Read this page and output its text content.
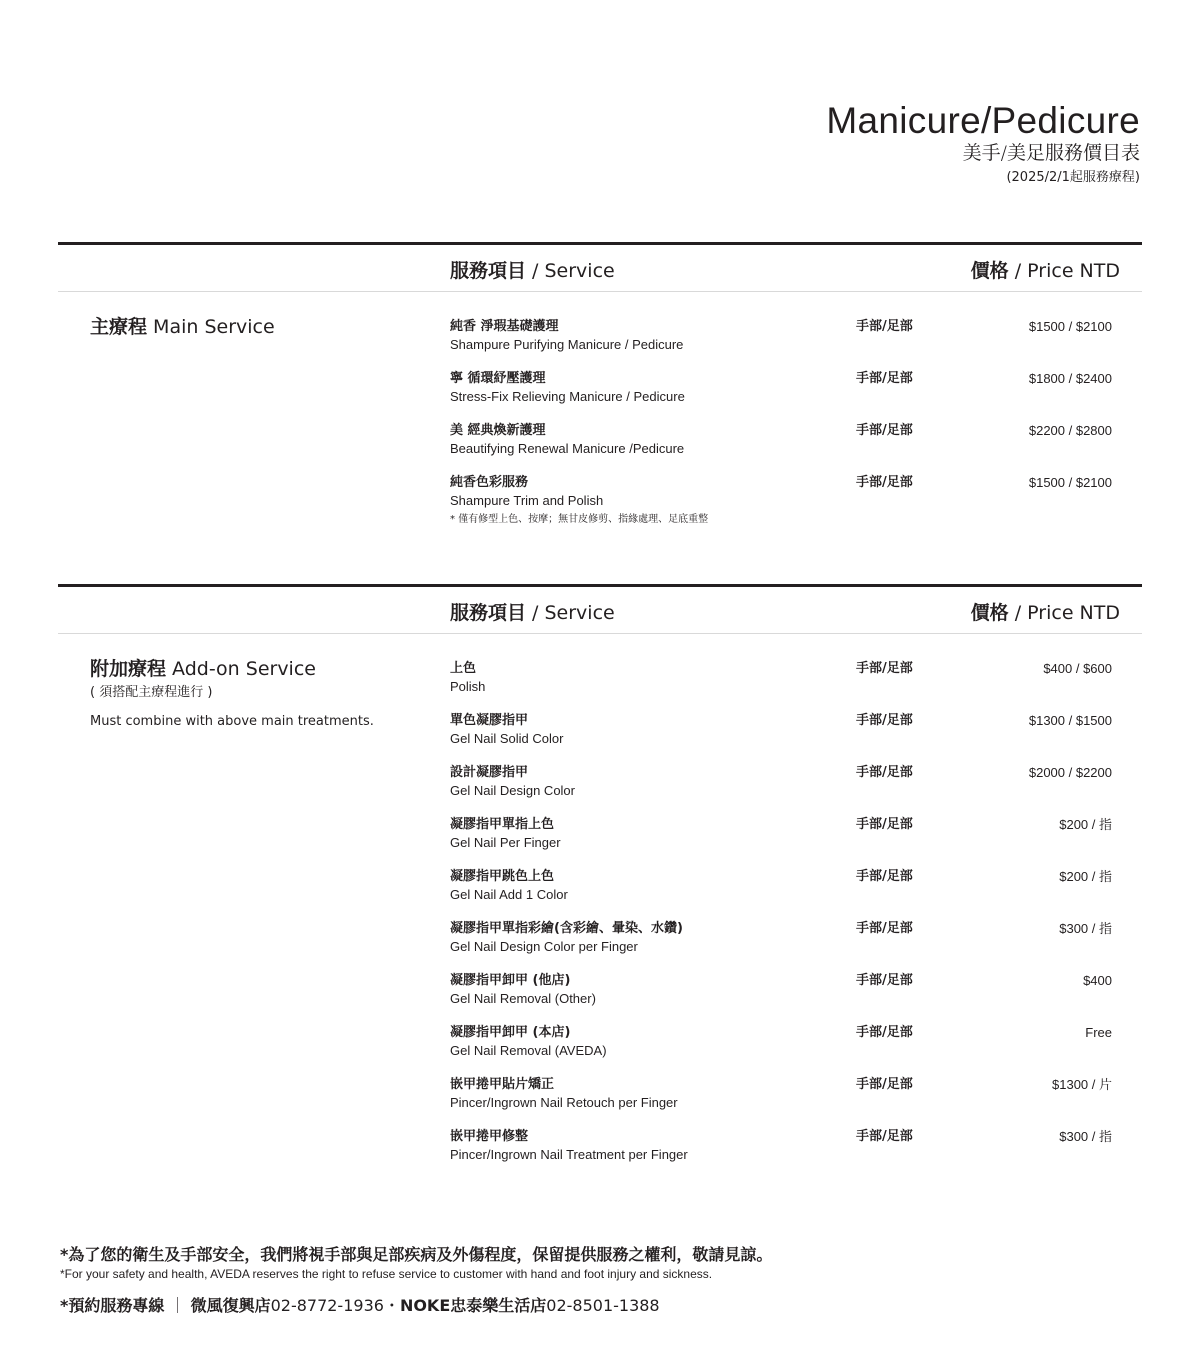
Manicure/Pedicure
美手/美足服務價目表
(2025/2/1起服務療程)
服務項目 / Service	價格 / Price NTD
主療程 Main Service	純香 淨瑕基礎護理
Shampure Purifying Manicure / Pedicure
手部/足部	$1500 / $2100
寧 循環紓壓護理
Stress-Fix Relieving Manicure / Pedicure
手部/足部	$1800 / $2400
美 經典煥新護理
Beautifying Renewal Manicure /Pedicure
手部/足部	$2200 / $2800
純香色彩服務
Shampure Trim and Polish
* 僅有修型上色、按摩；無甘皮修剪、指緣處理、足底重整
手部/足部	$1500 / $2100
服務項目 / Service	價格 / Price NTD
附加療程 Add-on Service
( 須搭配主療程進行 )
Must combine with above main treatments.
上色
Polish
手部/足部	$400 / $600
單色凝膠指甲
Gel Nail Solid Color
手部/足部	$1300 / $1500
設計凝膠指甲
Gel Nail Design Color
手部/足部	$2000 / $2200
凝膠指甲單指上色
Gel Nail Per Finger
手部/足部	$200 / 指
凝膠指甲跳色上色
Gel Nail Add 1 Color
手部/足部	$200 / 指
凝膠指甲單指彩繪(含彩繪、暈染、水鑽)
Gel Nail Design Color per Finger
手部/足部	$300 / 指
凝膠指甲卸甲 (他店)
Gel Nail Removal (Other)
手部/足部	$400
凝膠指甲卸甲 (本店)
Gel Nail Removal (AVEDA)
手部/足部	Free
嵌甲捲甲貼片矯正
Pincer/Ingrown Nail Retouch per Finger
手部/足部	$1300 / 片
嵌甲捲甲修整
Pincer/Ingrown Nail Treatment per Finger
手部/足部	$300 / 指
*為了您的衛生及手部安全，我們將視手部與足部疾病及外傷程度，保留提供服務之權利，敬請見諒。
*For your safety and health, AVEDA reserves the right to refuse service to customer with hand and foot injury and sickness.
*預約服務專線 ｜ 微風復興店02-8772-1936・NOKE忠泰樂生活店02-8501-1388
